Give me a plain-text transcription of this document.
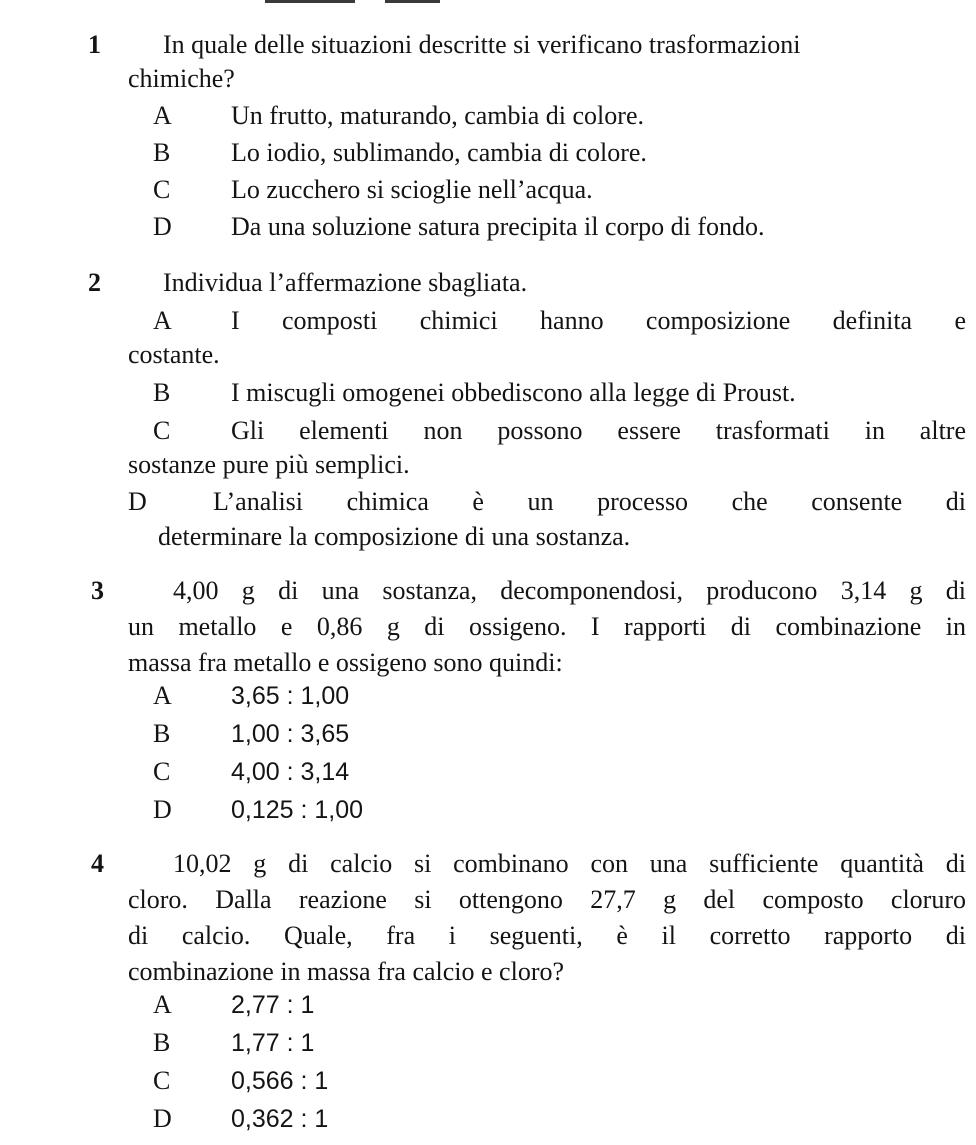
1 In quale delle situazioni descritte si verificano trasformazioni
chimiche?
A Un frutto, maturando, cambia di colore.
B Lo iodio, sublimando, cambia di colore.
C Lo zucchero si scioglie nell’acqua.
D Da una soluzione satura precipita il corpo di fondo.
2 Individua l’affermazione sbagliata.
A I composti chimici hanno composizione definita e
costante.
B I miscugli omogenei obbediscono alla legge di Proust.
C Gli elementi non possono essere trasformati in altre
sostanze pure più semplici.
D	L’analisi chimica è un processo che consente di
determinare la composizione di una sostanza.
3	4,00 g di una sostanza, decomponendosi, producono 3,14 g di
un metallo e 0,86 g di ossigeno. I rapporti di combinazione in
massa fra metallo e ossigeno sono quindi:
A 3,65 : 1,00
B 1,00 : 3,65
C 4,00 : 3,14
D 0,125 : 1,00
4	10,02 g di calcio si combinano con una sufficiente quantità di
cloro. Dalla reazione si ottengono 27,7 g del composto cloruro
di calcio. Quale, fra i seguenti, è il corretto rapporto di
combinazione in massa fra calcio e cloro?
A 2,77 : 1
B 1,77 : 1
C 0,566 : 1
D 0,362 : 1
